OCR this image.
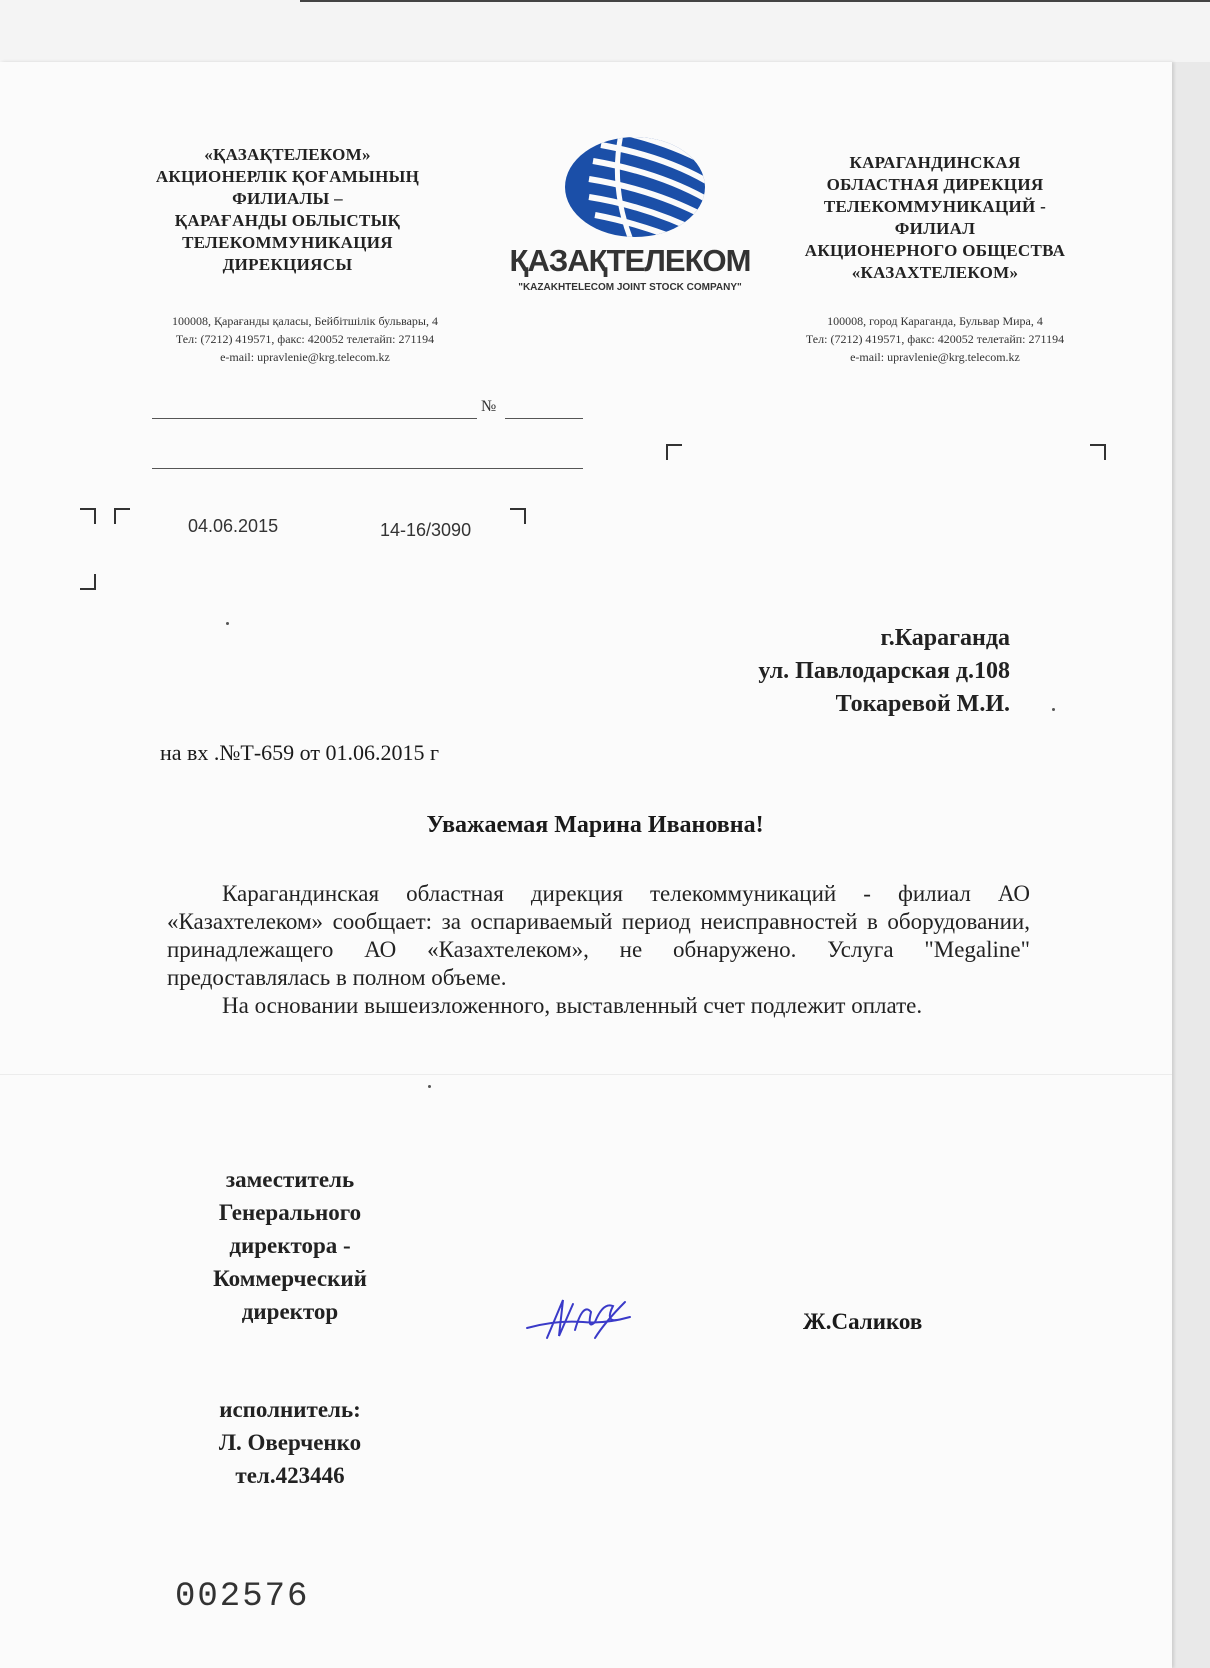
«ҚАЗАҚТЕЛЕКОМ»
АКЦИОНЕРЛІК ҚОҒАМЫНЫҢ
ФИЛИАЛЫ –
ҚАРАҒАНДЫ ОБЛЫСТЫҚ
ТЕЛЕКОММУНИКАЦИЯ
ДИРЕКЦИЯСЫ
100008, Қарағанды қаласы, Бейбітшілік бульвары, 4
Тел: (7212) 419571, факс: 420052 телетайп: 271194
e-mail: upravlenie@krg.telecom.kz
ҚАЗАҚТЕЛЕКОМ
"KAZAKHTELECOM JOINT STOCK COMPANY"
КАРАГАНДИНСКАЯ
ОБЛАСТНАЯ ДИРЕКЦИЯ
ТЕЛЕКОММУНИКАЦИЙ -
ФИЛИАЛ
АКЦИОНЕРНОГО ОБЩЕСТВА
«КАЗАХТЕЛЕКОМ»
100008, город Караганда, Бульвар Мира, 4
Тел: (7212) 419571, факс: 420052 телетайп: 271194
e-mail: upravlenie@krg.telecom.kz
№
04.06.2015	14-16/3090
г.Караганда
ул. Павлодарская д.108
Токаревой М.И.
на вх .№Т-659 от 01.06.2015 г
Уважаемая Марина Ивановна!

Карагандинская областная дирекция телекоммуникаций - филиал АО «Казахтелеком» сообщает: за оспариваемый период неисправностей в оборудовании, принадлежащего АО «Казахтелеком», не обнаружено. Услуга "Megaline" предоставлялась в полном объеме.

На основании вышеизложенного, выставленный счет подлежит оплате.

заместитель
Генерального
директора -
Коммерческий
директор	Ж.Саликов
исполнитель:
Л. Оверченко
тел.423446
002576
